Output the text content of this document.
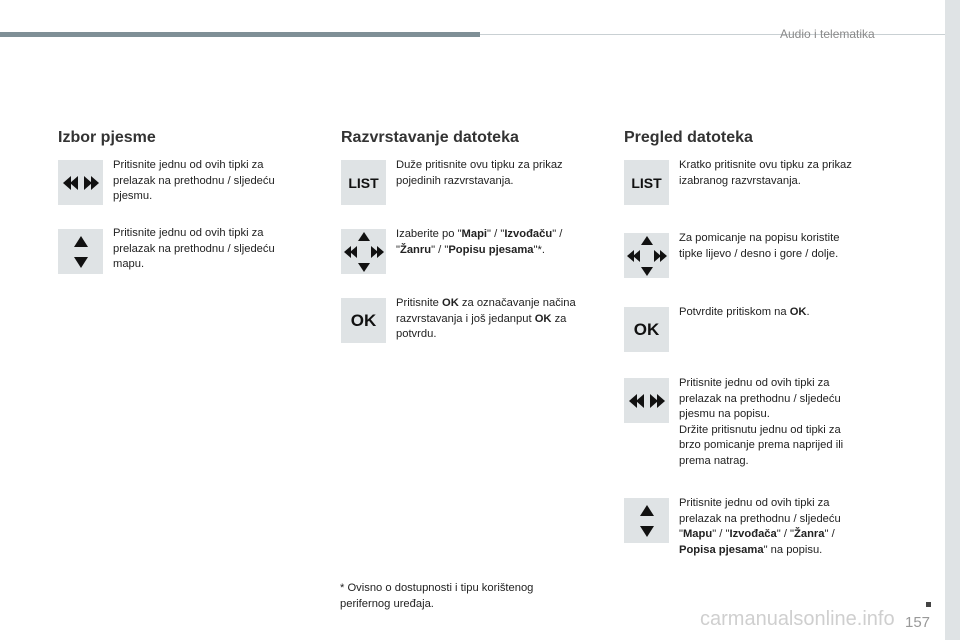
Audio i telematika
Izbor pjesme	Razvrstavanje datoteka	Pregled datoteka
Pritisnite jednu od ovih tipki za prelazak na prethodnu / sljedeću pjesmu.
Pritisnite jednu od ovih tipki za prelazak na prethodnu / sljedeću mapu.
LIST
Duže pritisnite ovu tipku za prikaz pojedinih razvrstavanja.
Izaberite po "Mapi" / "Izvođaču" / "Žanru" / "Popisu pjesama"*.
OK
Pritisnite OK za označavanje načina razvrstavanja i još jedanput OK za potvrdu.
* Ovisno o dostupnosti i tipu korištenog perifernog uređaja.
LIST
Kratko pritisnite ovu tipku za prikaz izabranog razvrstavanja.
Za pomicanje na popisu koristite tipke lijevo / desno i gore / dolje.
OK
Potvrdite pritiskom na OK.
Pritisnite jednu od ovih tipki za prelazak na prethodnu / sljedeću pjesmu na popisu.
Držite pritisnutu jednu od tipki za brzo pomicanje prema naprijed ili prema natrag.
Pritisnite jednu od ovih tipki za prelazak na prethodnu / sljedeću "Mapu" / "Izvođača" / "Žanra" / Popisa pjesama" na popisu.
carmanualsonline.info 157
